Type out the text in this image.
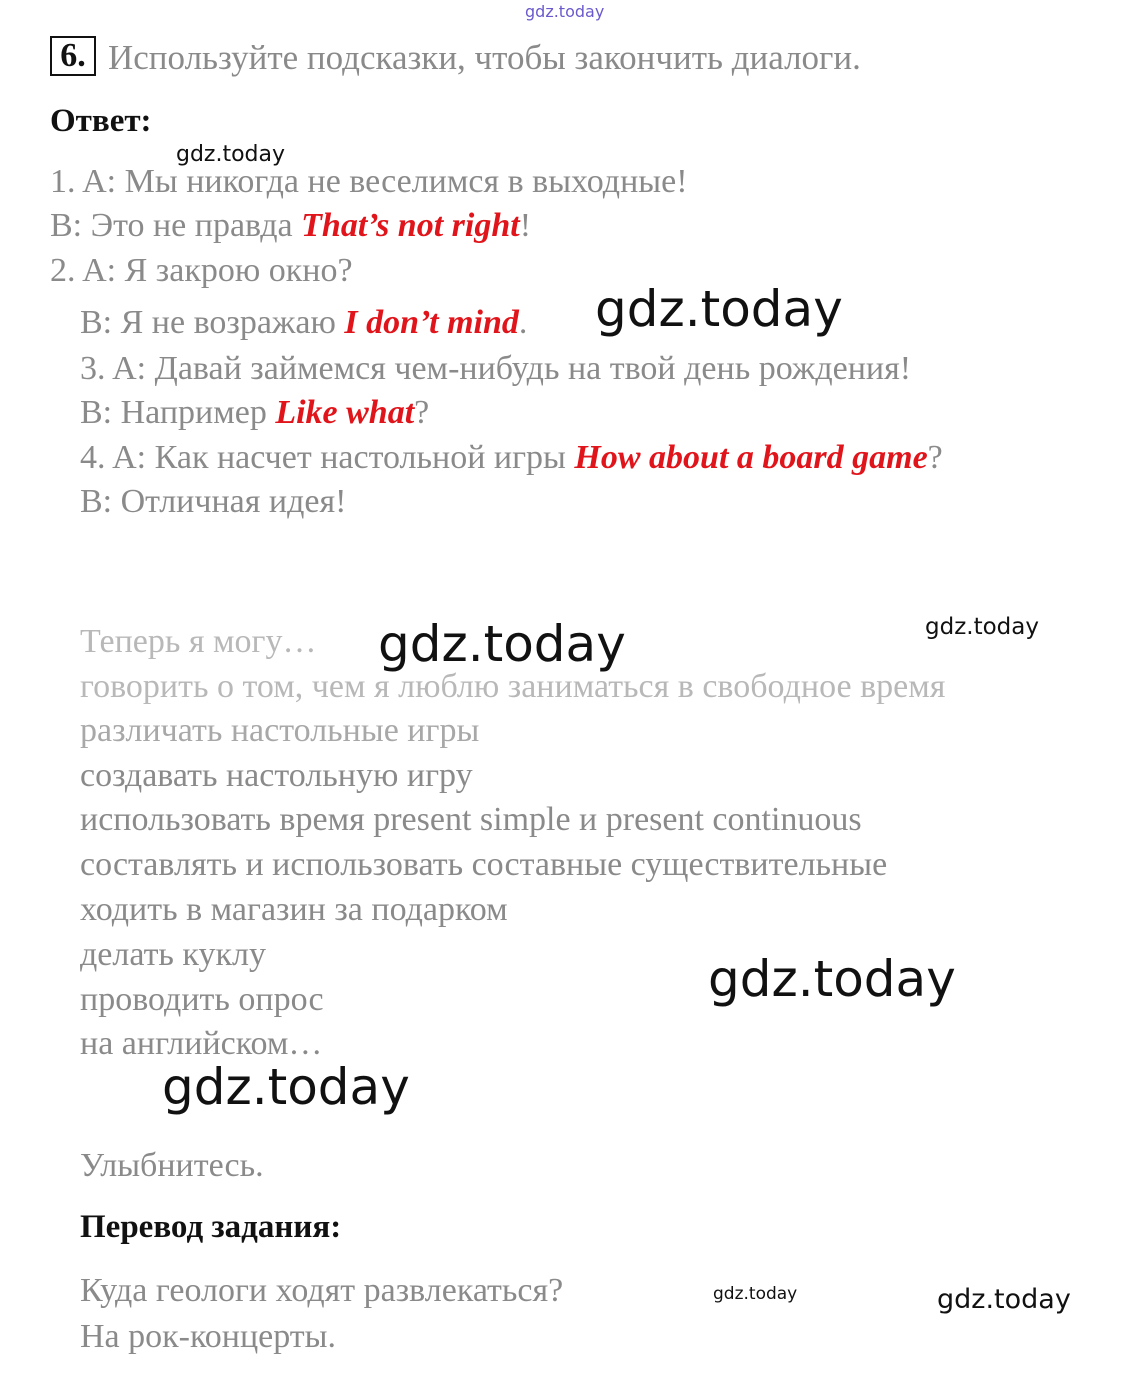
gdz.today
6. Используйте подсказки, чтобы закончить диалоги.
Ответ:
1. A: Мы никогда не веселимся в выходные!
B: Это не правда That’s not right!
2. A: Я закрою окно?
B: Я не возражаю I don’t mind.
3. A: Давай займемся чем-нибудь на твой день рождения!
B: Например Like what?
4. A: Как насчет настольной игры How about a board game?
B: Отличная идея!
gdz.today
gdz.today
Теперь я могу…
говорить о том, чем я люблю заниматься в свободное время
различать настольные игры
создавать настольную игру
использовать время present simple и present continuous
составлять и использовать составные существительные
ходить в магазин за подарком
делать куклу
проводить опрос
на английском…
gdz.today	gdz.today
gdz.today
gdz.today
Улыбнитесь.
Перевод задания:
Куда геологи ходят развлекаться?
На рок-концерты.
gdz.today	gdz.today
